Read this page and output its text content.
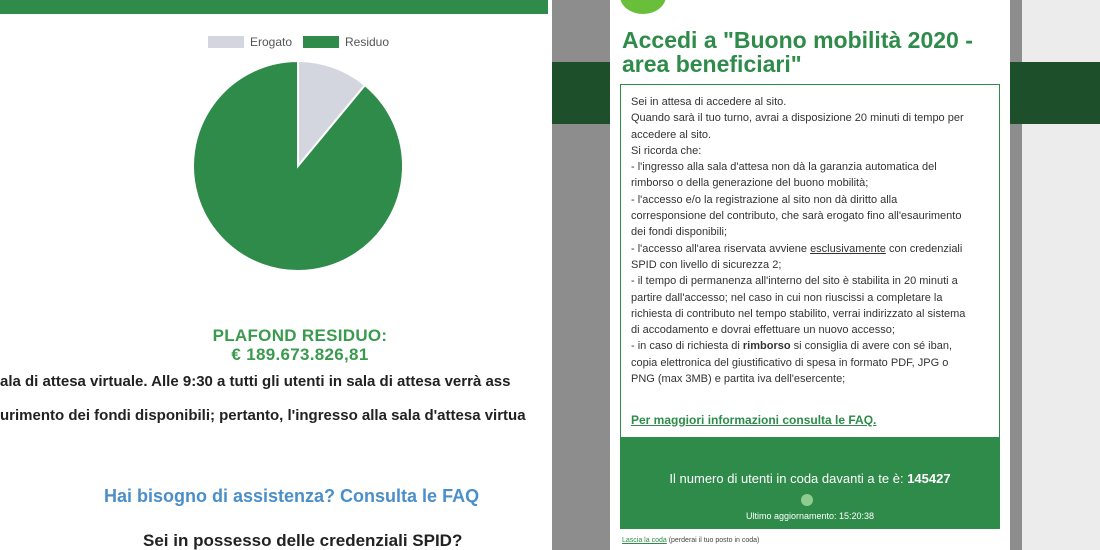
Erogato	Residuo
PLAFOND RESIDUO:
€ 189.673.826,81
ala di attesa virtuale. Alle 9:30 a tutti gli utenti in sala di attesa verrà ass
urimento dei fondi disponibili; pertanto, l'ingresso alla sala d'attesa virtua
Hai bisogno di assistenza? Consulta le FAQ
Sei in possesso delle credenziali SPID?
Accedi a "Buono mobilità 2020 - area beneficiari"
Sei in attesa di accedere al sito.
Quando sarà il tuo turno, avrai a disposizione 20 minuti di tempo per
accedere al sito.
Si ricorda che:
- l'ingresso alla sala d'attesa non dà la garanzia automatica del
rimborso o della generazione del buono mobilità;
- l'accesso e/o la registrazione al sito non dà diritto alla
corresponsione del contributo, che sarà erogato fino all'esaurimento
dei fondi disponibili;
- l'accesso all'area riservata avviene esclusivamente con credenziali
SPID con livello di sicurezza 2;
- il tempo di permanenza all'interno del sito è stabilita in 20 minuti a
partire dall'accesso; nel caso in cui non riuscissi a completare la
richiesta di contributo nel tempo stabilito, verrai indirizzato al sistema
di accodamento e dovrai effettuare un nuovo accesso;
- in caso di richiesta di rimborso si consiglia di avere con sé iban,
copia elettronica del giustificativo di spesa in formato PDF, JPG o
PNG (max 3MB) e partita iva dell'esercente;
Per maggiori informazioni consulta le FAQ.
Il numero di utenti in coda davanti a te è: 145427
Ultimo aggiornamento: 15:20:38
Lascia la coda (perderai il tuo posto in coda)
